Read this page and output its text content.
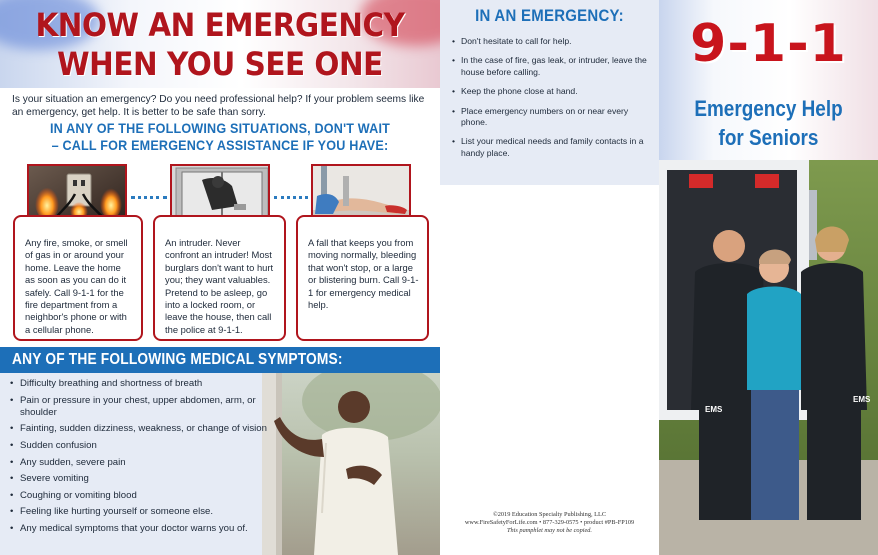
KNOW AN EMERGENCY
WHEN YOU SEE ONE

Is your situation an emergency? Do you need professional help? If your problem seems like an emergency, get help. It is better to be safe than sorry.

IN ANY OF THE FOLLOWING SITUATIONS, DON'T WAIT
– CALL FOR EMERGENCY ASSISTANCE IF YOU HAVE:
Any fire, smoke, or smell of gas in or around your home. Leave the home as soon as you can do it safely. Call 9-1-1 for the fire department from a neighbor's phone or with a cellular phone.
An intruder. Never confront an intruder! Most burglars don't want to hurt you; they want valuables. Pretend to be asleep, go into a locked room, or leave the house, then call the police at 9-1-1.
A fall that keeps you from moving normally, bleeding that won't stop, or a large or blistering burn. Call 9-1-1 for emergency medical help.
ANY OF THE FOLLOWING MEDICAL SYMPTOMS:
• Difficulty breathing and shortness of breath
• Pain or pressure in your chest, upper abdomen, arm, or shoulder
• Fainting, sudden dizziness, weakness, or change of vision
• Sudden confusion
• Any sudden, severe pain
• Severe vomiting
• Coughing or vomiting blood
• Feeling like hurting yourself or someone else.
• Any medical symptoms that your doctor warns you of.
IN AN EMERGENCY:
• Don't hesitate to call for help.
• In the case of fire, gas leak, or intruder, leave the house before calling.
• Keep the phone close at hand.
• Place emergency numbers on or near every phone.
• List your medical needs and family contacts in a handy place.
©2019 Education Specialty Publishing, LLC
www.FireSafetyForLife.com • 877-329-0575 • product #PB-FP109
This pamphlet may not be copied.
9-1-1
Emergency Help
for Seniors
EMS
EMS
